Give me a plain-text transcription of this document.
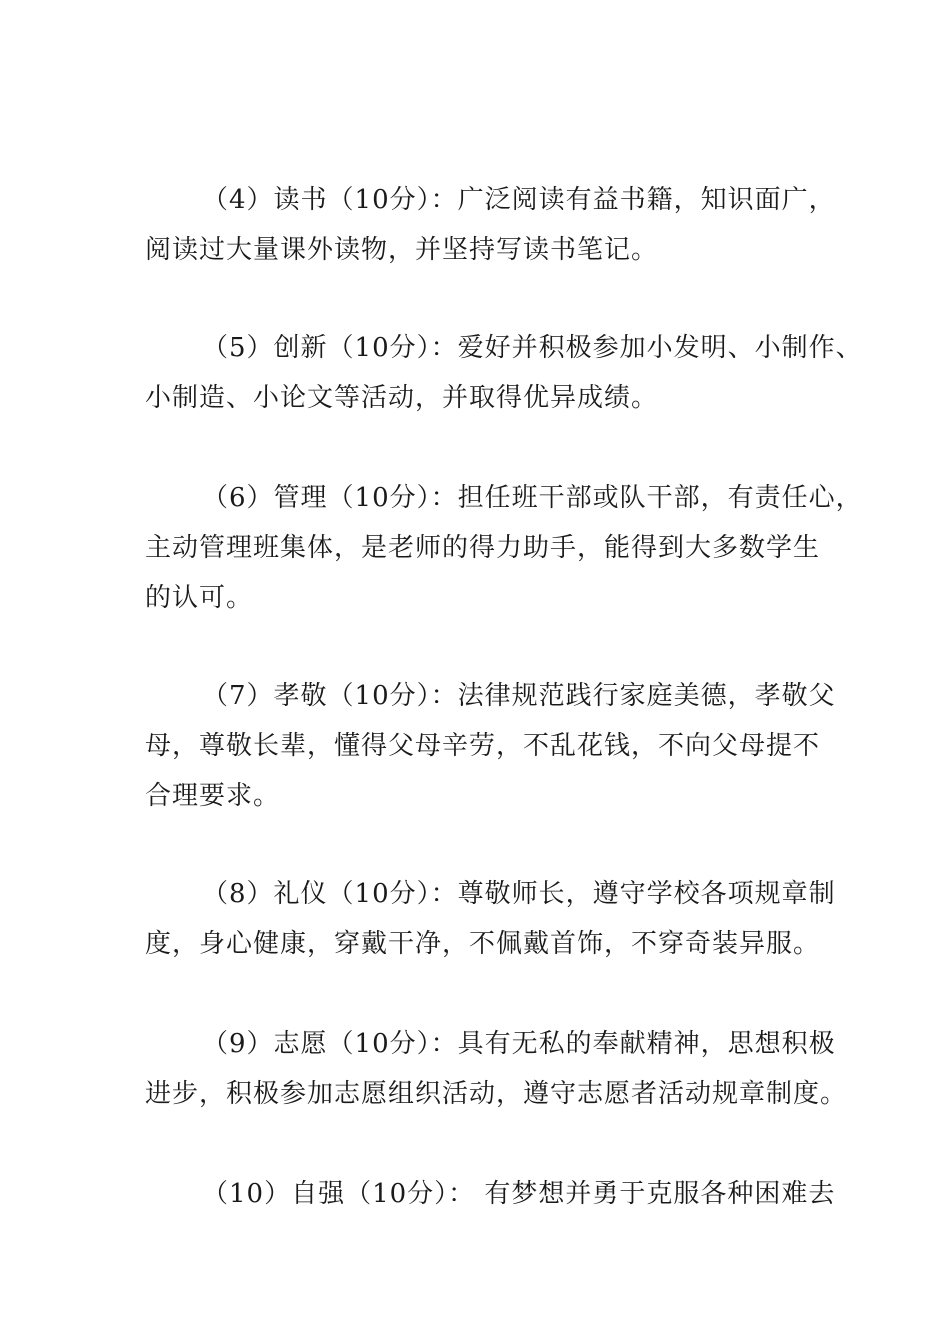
（4）读书（10分）：广泛阅读有益书籍，知识面广，
阅读过大量课外读物，并坚持写读书笔记。

（5）创新（10分）：爱好并积极参加小发明、小制作、
小制造、小论文等活动，并取得优异成绩。

（6）管理（10分）：担任班干部或队干部，有责任心，
主动管理班集体，是老师的得力助手，能得到大多数学生
的认可。

（7）孝敬（10分）：法律规范践行家庭美德，孝敬父
母，尊敬长辈，懂得父母辛劳，不乱花钱，不向父母提不
合理要求。

（8）礼仪（10分）：尊敬师长，遵守学校各项规章制
度，身心健康，穿戴干净，不佩戴首饰，不穿奇装异服。

（9）志愿（10分）：具有无私的奉献精神，思想积极
进步，积极参加志愿组织活动，遵守志愿者活动规章制度。

（10）自强（10分）： 有梦想并勇于克服各种困难去
